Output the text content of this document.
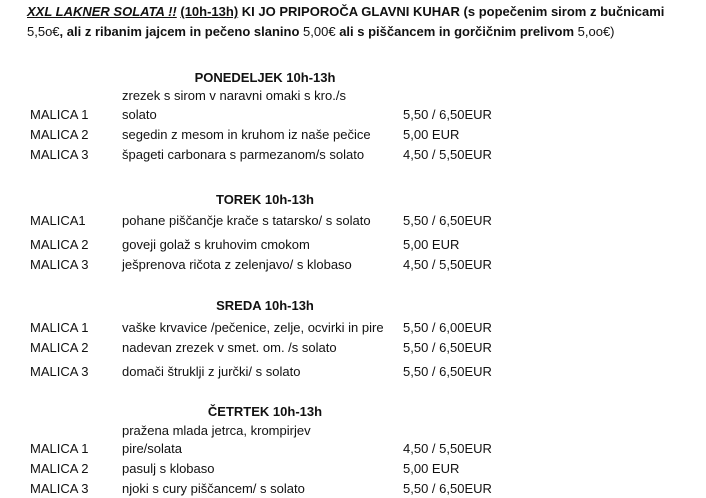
XXL LAKNER SOLATA !! (10h-13h) KI JO PRIPOROČA GLAVNI KUHAR (s popečenim sirom z bučnicami
5,5o€, ali z ribanim jajcem in pečeno slanino 5,00€ ali s piščancem in gorčičnim prelivom 5,oo€)
PONEDELJEK 10h-13h
zrezek s sirom v naravni omaki s kro./s
MALICA 1	solato	5,50 / 6,50EUR
MALICA 2	segedin z mesom in kruhom iz naše pečice 5,00 EUR
MALICA 3	špageti carbonara s parmezanom/s solato	4,50 / 5,50EUR
TOREK 10h-13h
MALICA1	pohane piščančje krače s tatarsko/ s solato 5,50 / 6,50EUR
MALICA 2	goveji golaž s kruhovim cmokom	5,00 EUR
MALICA 3	ješprenova ričota z zelenjavo/ s klobaso	4,50 / 5,50EUR
SREDA 10h-13h
MALICA 1	vaške krvavice /pečenice, zelje, ocvirki in pire	5,50 / 6,00EUR
MALICA 2	nadevan zrezek v smet. om. /s solato	5,50 / 6,50EUR
MALICA 3	domači štruklji z jurčki/ s solato	5,50 / 6,50EUR
ČETRTEK 10h-13h
pražena mlada jetrca, krompirjev
MALICA 1	pire/solata	4,50 / 5,50EUR
MALICA 2	pasulj s klobaso	5,00 EUR
MALICA 3	njoki s cury piščancem/ s solato	5,50 / 6,50EUR
